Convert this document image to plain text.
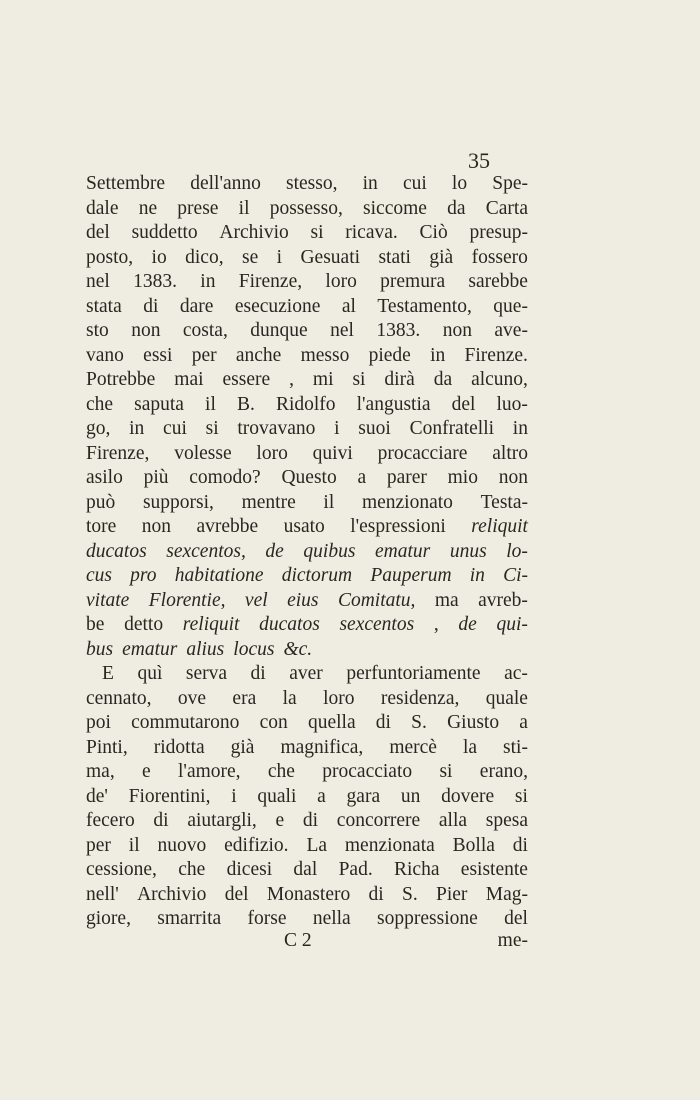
35
Settembre dell'anno stesso, in cui lo Spe-
dale ne prese il possesso, siccome da Carta
del suddetto Archivio si ricava. Ciò presup-
posto, io dico, se i Gesuati stati già fossero
nel 1383. in Firenze, loro premura sarebbe
stata di dare esecuzione al Testamento, que-
sto non costa, dunque nel 1383. non ave-
vano essi per anche messo piede in Firenze.
Potrebbe mai essere , mi si dirà da alcuno,
che saputa il B. Ridolfo l'angustia del luo-
go, in cui si trovavano i suoi Confratelli in
Firenze, volesse loro quivi procacciare altro
asilo più comodo? Questo a parer mio non
può supporsi, mentre il menzionato Testa-
tore non avrebbe usato l'espressioni reliquit
ducatos sexcentos, de quibus ematur unus lo-
cus pro habitatione dictorum Pauperum in Ci-
vitate Florentie, vel eius Comitatu, ma avreb-
be detto reliquit ducatos sexcentos , de qui-
bus ematur alius locus &c.
E quì serva di aver perfuntoriamente ac-
cennato, ove era la loro residenza, quale
poi commutarono con quella di S. Giusto a
Pinti, ridotta già magnifica, mercè la sti-
ma, e l'amore, che procacciato si erano,
de' Fiorentini, i quali a gara un dovere si
fecero di aiutargli, e di concorrere alla spesa
per il nuovo edifizio. La menzionata Bolla di
cessione, che dicesi dal Pad. Richa esistente
nell' Archivio del Monastero di S. Pier Mag-
giore, smarrita forse nella soppressione del
C 2	me-
